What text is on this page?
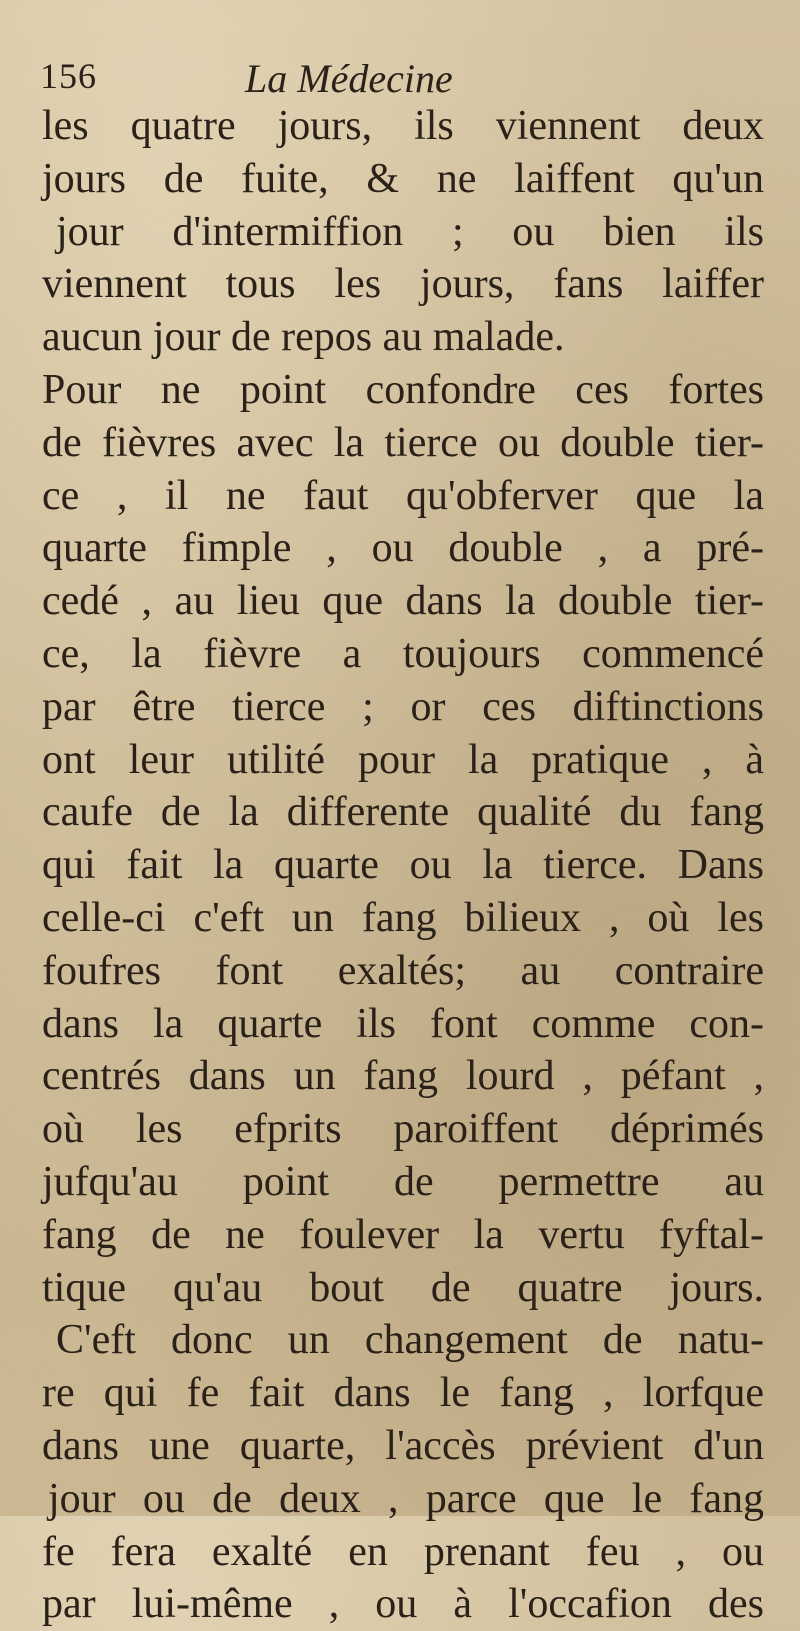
156	La Médecine
les quatre jours, ils viennent deux
jours de fuite, & ne laiffent qu'un
jour d'intermiffion ; ou bien ils
viennent tous les jours, fans laiffer
aucun jour de repos au malade.
Pour ne point confondre ces fortes
de fièvres avec la tierce ou double tier-
ce , il ne faut qu'obferver que la
quarte fimple , ou double , a pré-
cedé , au lieu que dans la double tier-
ce, la fièvre a toujours commencé
par être tierce ; or ces diftinctions
ont leur utilité pour la pratique , à
caufe de la differente qualité du fang
qui fait la quarte ou la tierce. Dans
celle-ci c'eft un fang bilieux , où les
foufres font exaltés; au contraire
dans la quarte ils font comme con-
centrés dans un fang lourd , péfant ,
où les efprits paroiffent déprimés
jufqu'au point de permettre au
fang de ne foulever la vertu fyftal-
tique qu'au bout de quatre jours.
C'eft donc un changement de natu-
re qui fe fait dans le fang , lorfque
dans une quarte, l'accès prévient d'un
jour ou de deux , parce que le fang
fe fera exalté en prenant feu , ou
par lui-même , ou à l'occafion des
